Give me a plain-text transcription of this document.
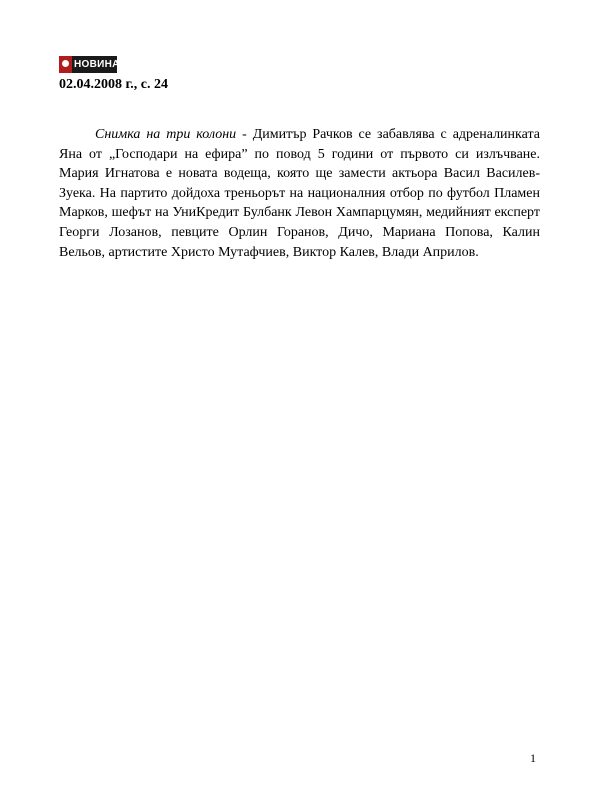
НОВИНАР
02.04.2008 г., с. 24

Снимка на три колони - Димитър Рачков се забавлява с адреналинката Яна от „Господари на ефира” по повод 5 години от първото си излъчване. Мария Игнатова е новата водеща, която ще замести актьора Васил Василев-Зуека. На партито дойдоха треньорът на националния отбор по футбол Пламен Марков, шефът на УниКредит Булбанк Левон Хампарцумян, медийният експерт Георги Лозанов, певците Орлин Горанов, Дичо, Мариана Попова, Калин Вельов, артистите Христо Мутафчиев, Виктор Калев, Влади Априлов.

1
